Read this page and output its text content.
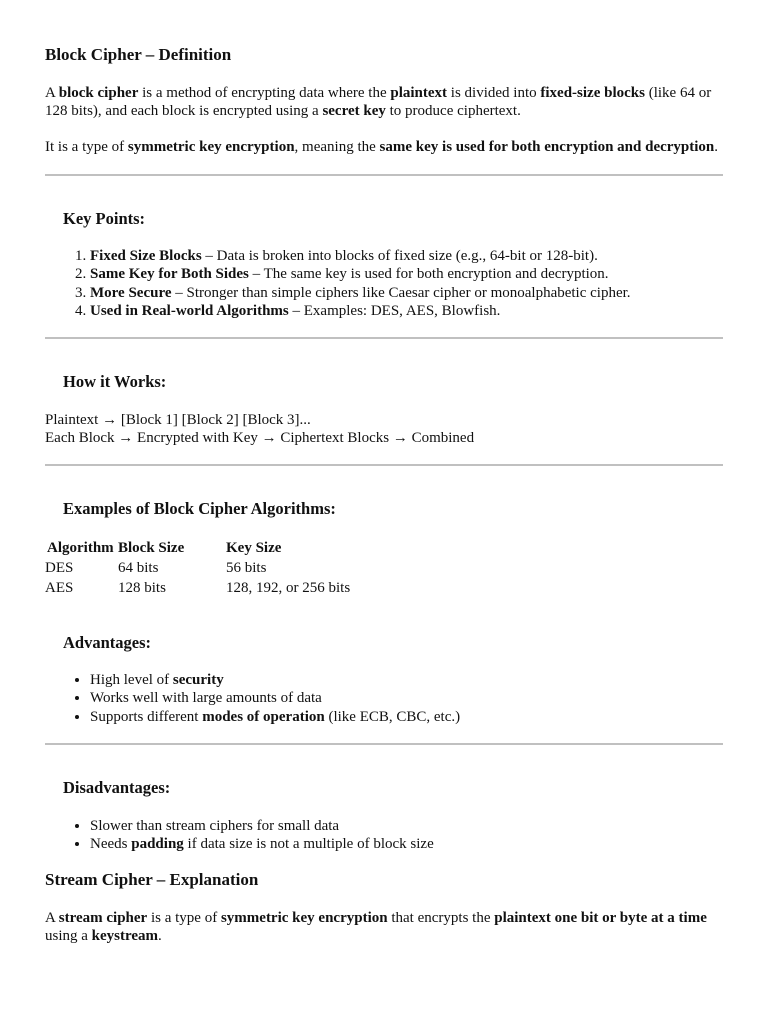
Block Cipher – Definition

A block cipher is a method of encrypting data where the plaintext is divided into fixed-size blocks (like 64 or 128 bits), and each block is encrypted using a secret key to produce ciphertext.

It is a type of symmetric key encryption, meaning the same key is used for both encryption and decryption.

Key Points:
1. Fixed Size Blocks – Data is broken into blocks of fixed size (e.g., 64-bit or 128-bit).
2. Same Key for Both Sides – The same key is used for both encryption and decryption.
3. More Secure – Stronger than simple ciphers like Caesar cipher or monoalphabetic cipher.
4. Used in Real-world Algorithms – Examples: DES, AES, Blowfish.
How it Works:
Plaintext → [Block 1] [Block 2] [Block 3]...
Each Block → Encrypted with Key → Ciphertext Blocks → Combined
Examples of Block Cipher Algorithms:
	Algorithm	Block Size	Key Size
DES		64 bits	56 bits
AES		128 bits	128, 192, or 256 bits
Advantages:
• High level of security
• Works well with large amounts of data
• Supports different modes of operation (like ECB, CBC, etc.)
Disadvantages:
• Slower than stream ciphers for small data
• Needs padding if data size is not a multiple of block size
Stream Cipher – Explanation

A stream cipher is a type of symmetric key encryption that encrypts the plaintext one bit or byte at a time using a keystream.
